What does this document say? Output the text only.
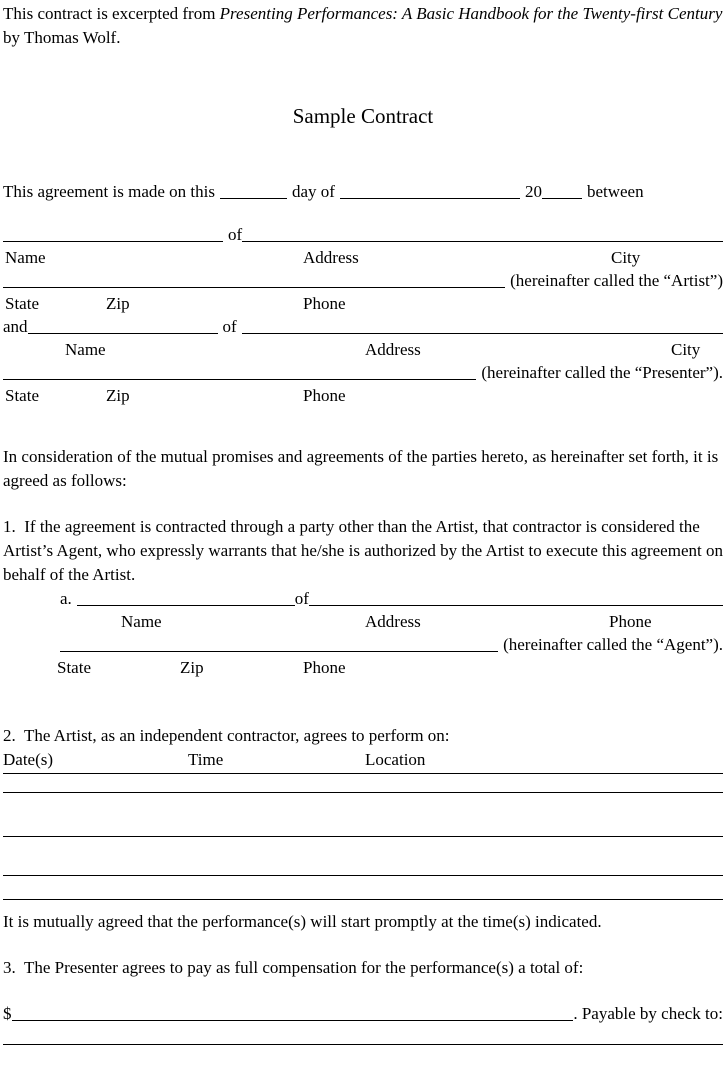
This contract is excerpted from Presenting Performances: A Basic Handbook for the Twenty-first Century by Thomas Wolf.

Sample Contract
This agreement is made on this	day of	20	between
of
Name	Address	City
(hereinafter called the “Artist”)
State	Zip	Phone
and	of
Name	Address	City
(hereinafter called the “Presenter”).
State	Zip	Phone

In consideration of the mutual promises and agreements of the parties hereto, as hereinafter set forth, it is agreed as follows:

1.  If the agreement is contracted through a party other than the Artist, that contractor is considered the Artist’s Agent, who expressly warrants that he/she is authorized by the Artist to execute this agreement on behalf of the Artist.

a.	of
Name	Address	Phone
(hereinafter called the “Agent”).
State	Zip	Phone

2.  The Artist, as an independent contractor, agrees to perform on:

Date(s)	Time	Location

It is mutually agreed that the performance(s) will start promptly at the time(s) indicated.

3.  The Presenter agrees to pay as full compensation for the performance(s) a total of:

$	. Payable by check to:
